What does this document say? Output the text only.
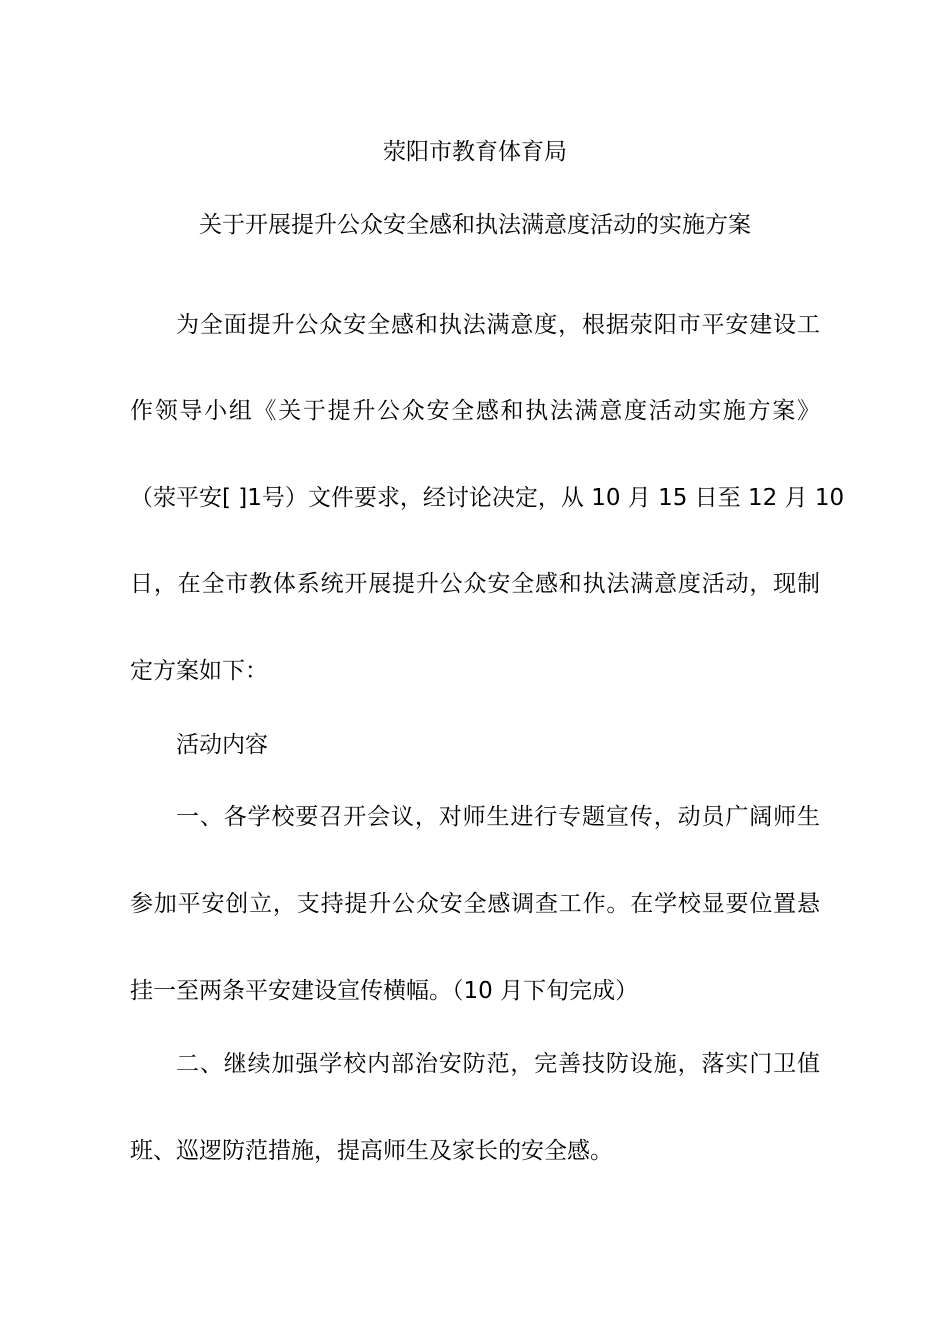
荥阳市教育体育局
关于开展提升公众安全感和执法满意度活动的实施方案
为全面提升公众安全感和执法满意度，根据荥阳市平安建设工
作领导小组《关于提升公众安全感和执法满意度活动实施方案》
（荥平安[ ]1号）文件要求，经讨论决定，从 10 月 15 日至 12 月 10
日，在全市教体系统开展提升公众安全感和执法满意度活动，现制
定方案如下：
活动内容
一、各学校要召开会议，对师生进行专题宣传，动员广阔师生
参加平安创立，支持提升公众安全感调查工作。在学校显要位置悬
挂一至两条平安建设宣传横幅。（10 月下旬完成）
二、继续加强学校内部治安防范，完善技防设施，落实门卫值
班、巡逻防范措施，提高师生及家长的安全感。
